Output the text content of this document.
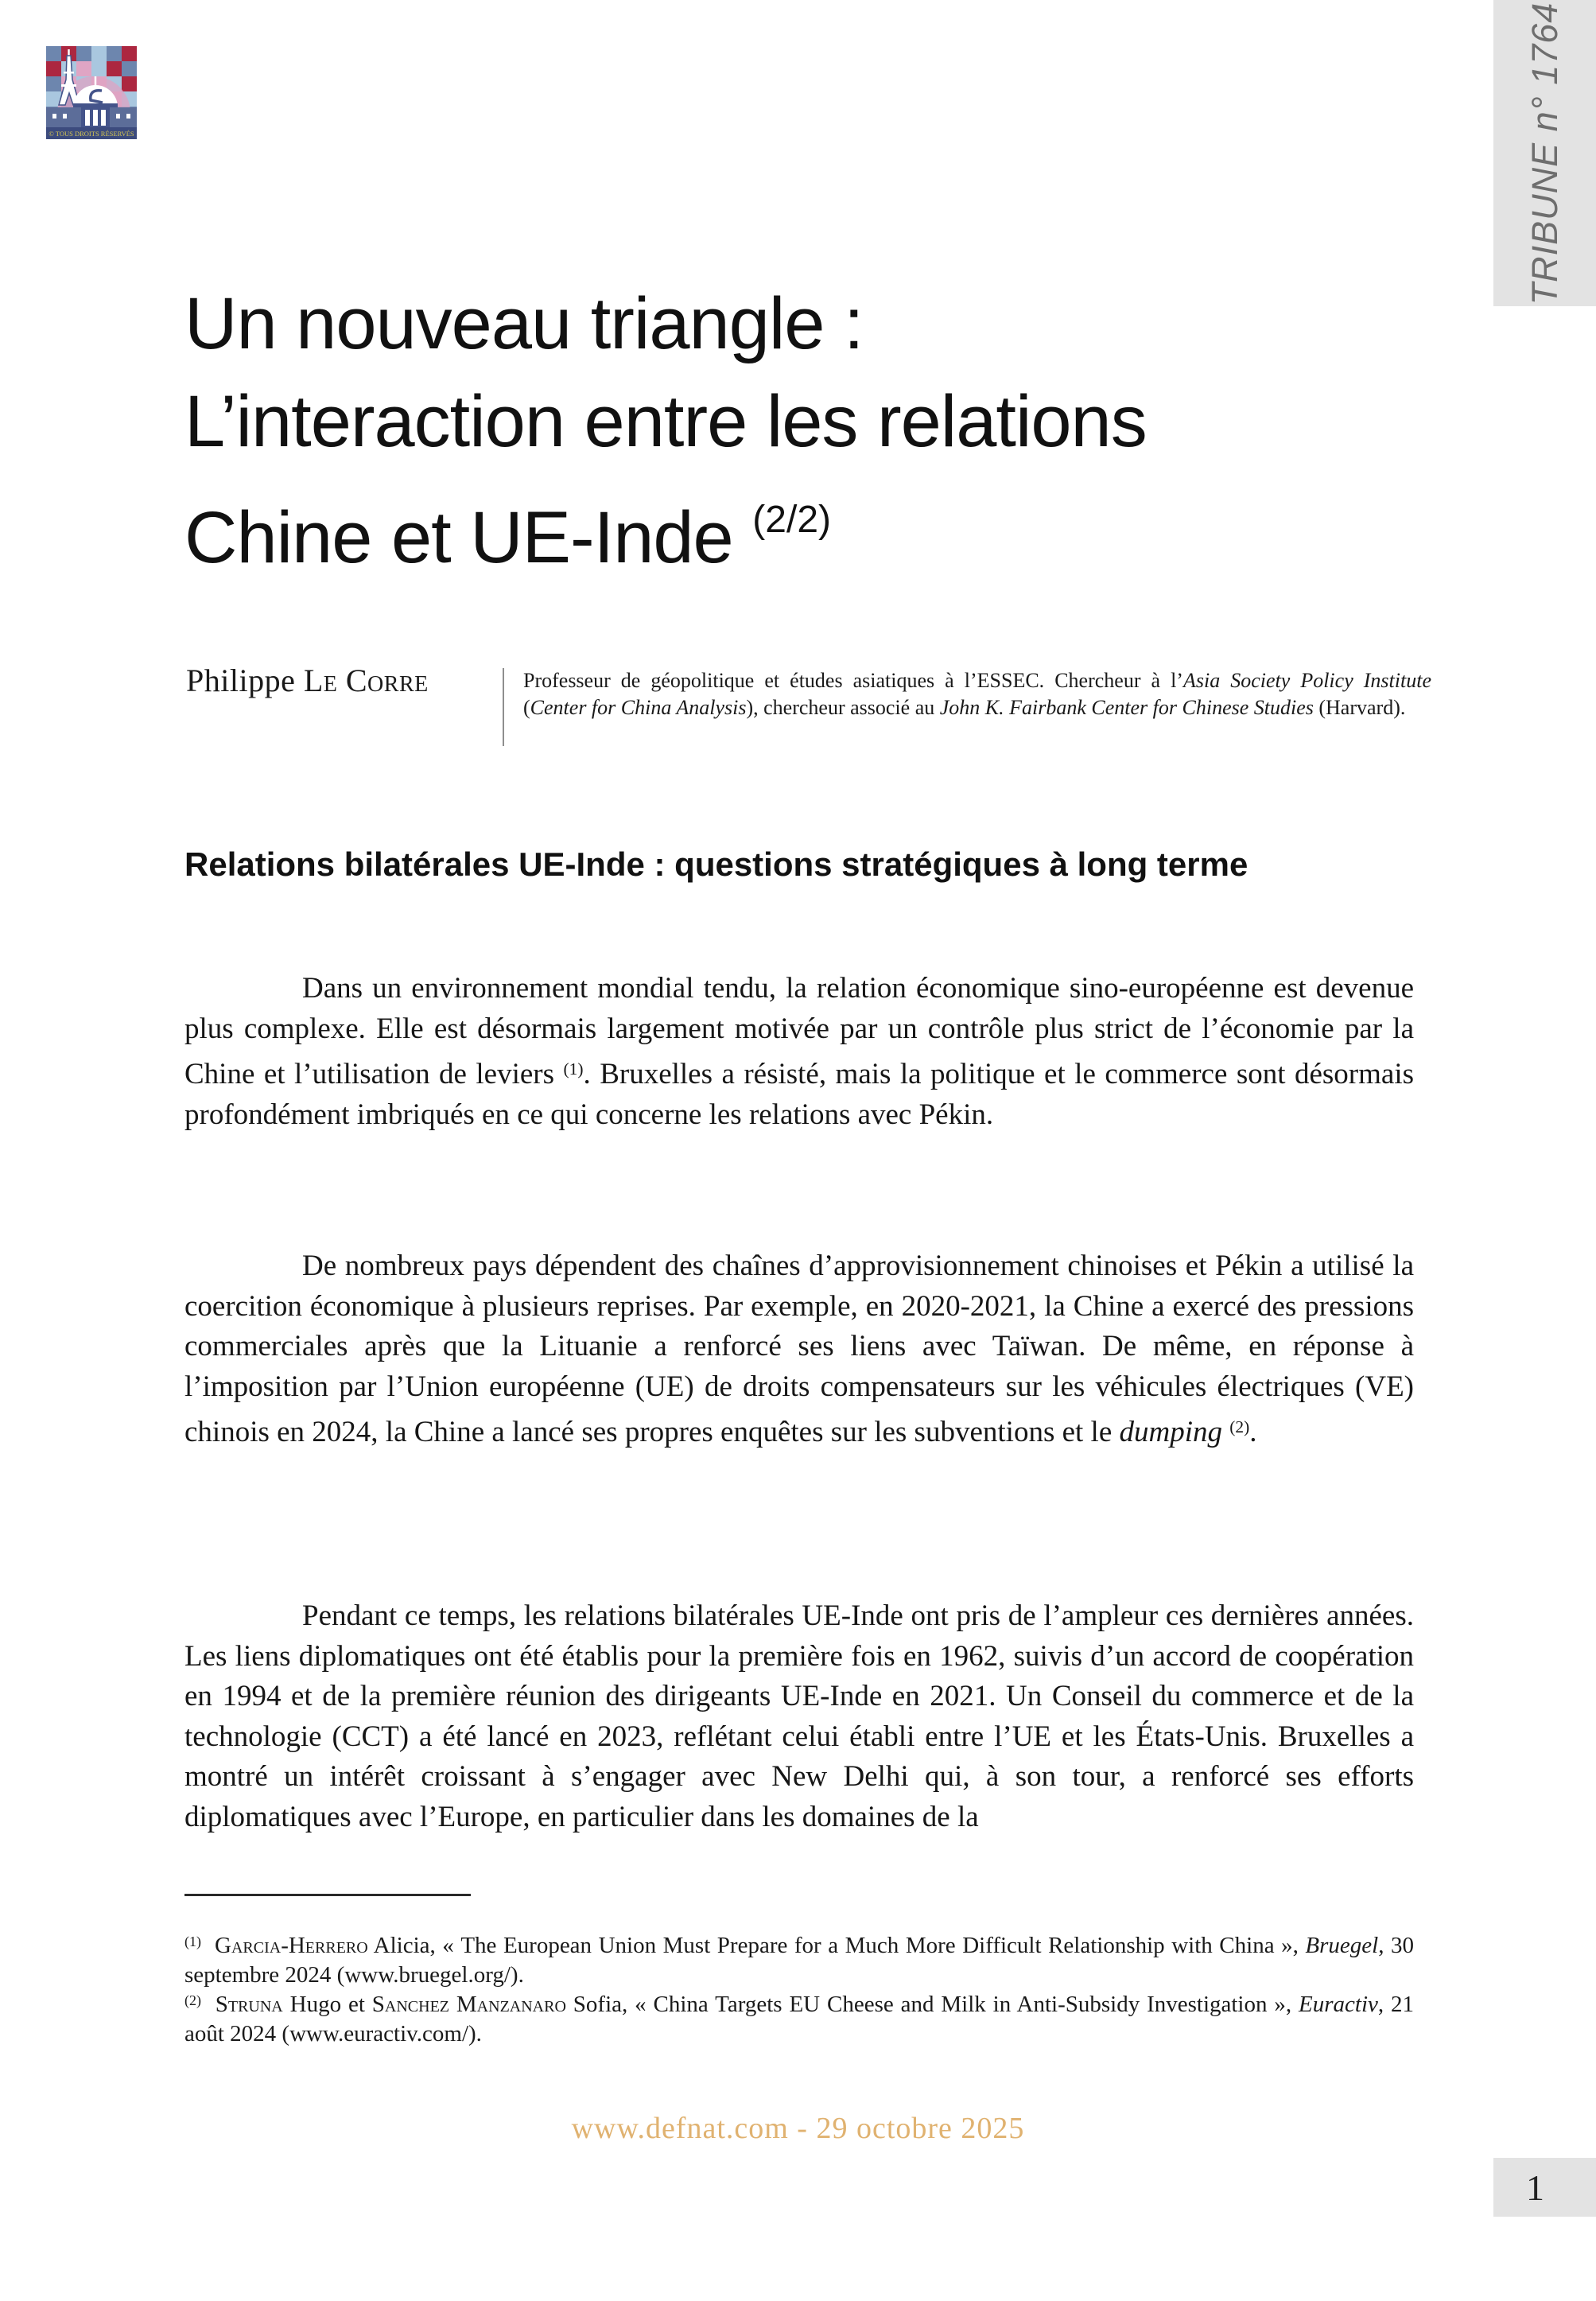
© TOUS DROITS RÉSERVÉS	TRIBUNE n° 1764
Un nouveau triangle :
L’interaction entre les relations
Chine et UE-Inde $^{(2/2)}$
Philippe Le Corre	Professeur de géopolitique et études asiatiques à l’ESSEC. Chercheur à l’Asia Society Policy Institute (Center for China Analysis), chercheur associé au John K. Fairbank Center for Chinese Studies (Harvard).
Relations bilatérales UE-Inde : questions stratégiques à long terme

Dans un environnement mondial tendu, la relation économique sino-européenne est devenue plus complexe. Elle est désormais largement motivée par un contrôle plus strict de l’économie par la Chine et l’utilisation de leviers $^{(1)}$. Bruxelles a résisté, mais la politique et le commerce sont désormais profondément imbriqués en ce qui concerne les relations avec Pékin.

De nombreux pays dépendent des chaînes d’approvisionnement chinoises et Pékin a utilisé la coercition économique à plusieurs reprises. Par exemple, en 2020-2021, la Chine a exercé des pressions commerciales après que la Lituanie a renforcé ses liens avec Taïwan. De même, en réponse à l’imposition par l’Union européenne (UE) de droits compensateurs sur les véhicules électriques (VE) chinois en 2024, la Chine a lancé ses propres enquêtes sur les subventions et le dumping $^{(2)}$.

Pendant ce temps, les relations bilatérales UE-Inde ont pris de l’ampleur ces dernières années. Les liens diplomatiques ont été établis pour la première fois en 1962, suivis d’un accord de coopération en 1994 et de la première réunion des dirigeants UE-Inde en 2021. Un Conseil du commerce et de la technologie (CCT) a été lancé en 2023, reflétant celui établi entre l’UE et les États-Unis. Bruxelles a montré un intérêt croissant à s’engager avec New Delhi qui, à son tour, a renforcé ses efforts diplomatiques avec l’Europe, en particulier dans les domaines de la

$^{(1)}$ Garcia-Herrero Alicia, « The European Union Must Prepare for a Much More Difficult Relationship with China », Bruegel, 30 septembre 2024 (www.bruegel.org/).

$^{(2)}$ Struna Hugo et Sanchez Manzanaro Sofia, « China Targets EU Cheese and Milk in Anti-Subsidy Investigation », Euractiv, 21 août 2024 (www.euractiv.com/).

www.defnat.com - 29 octobre 2025
1
